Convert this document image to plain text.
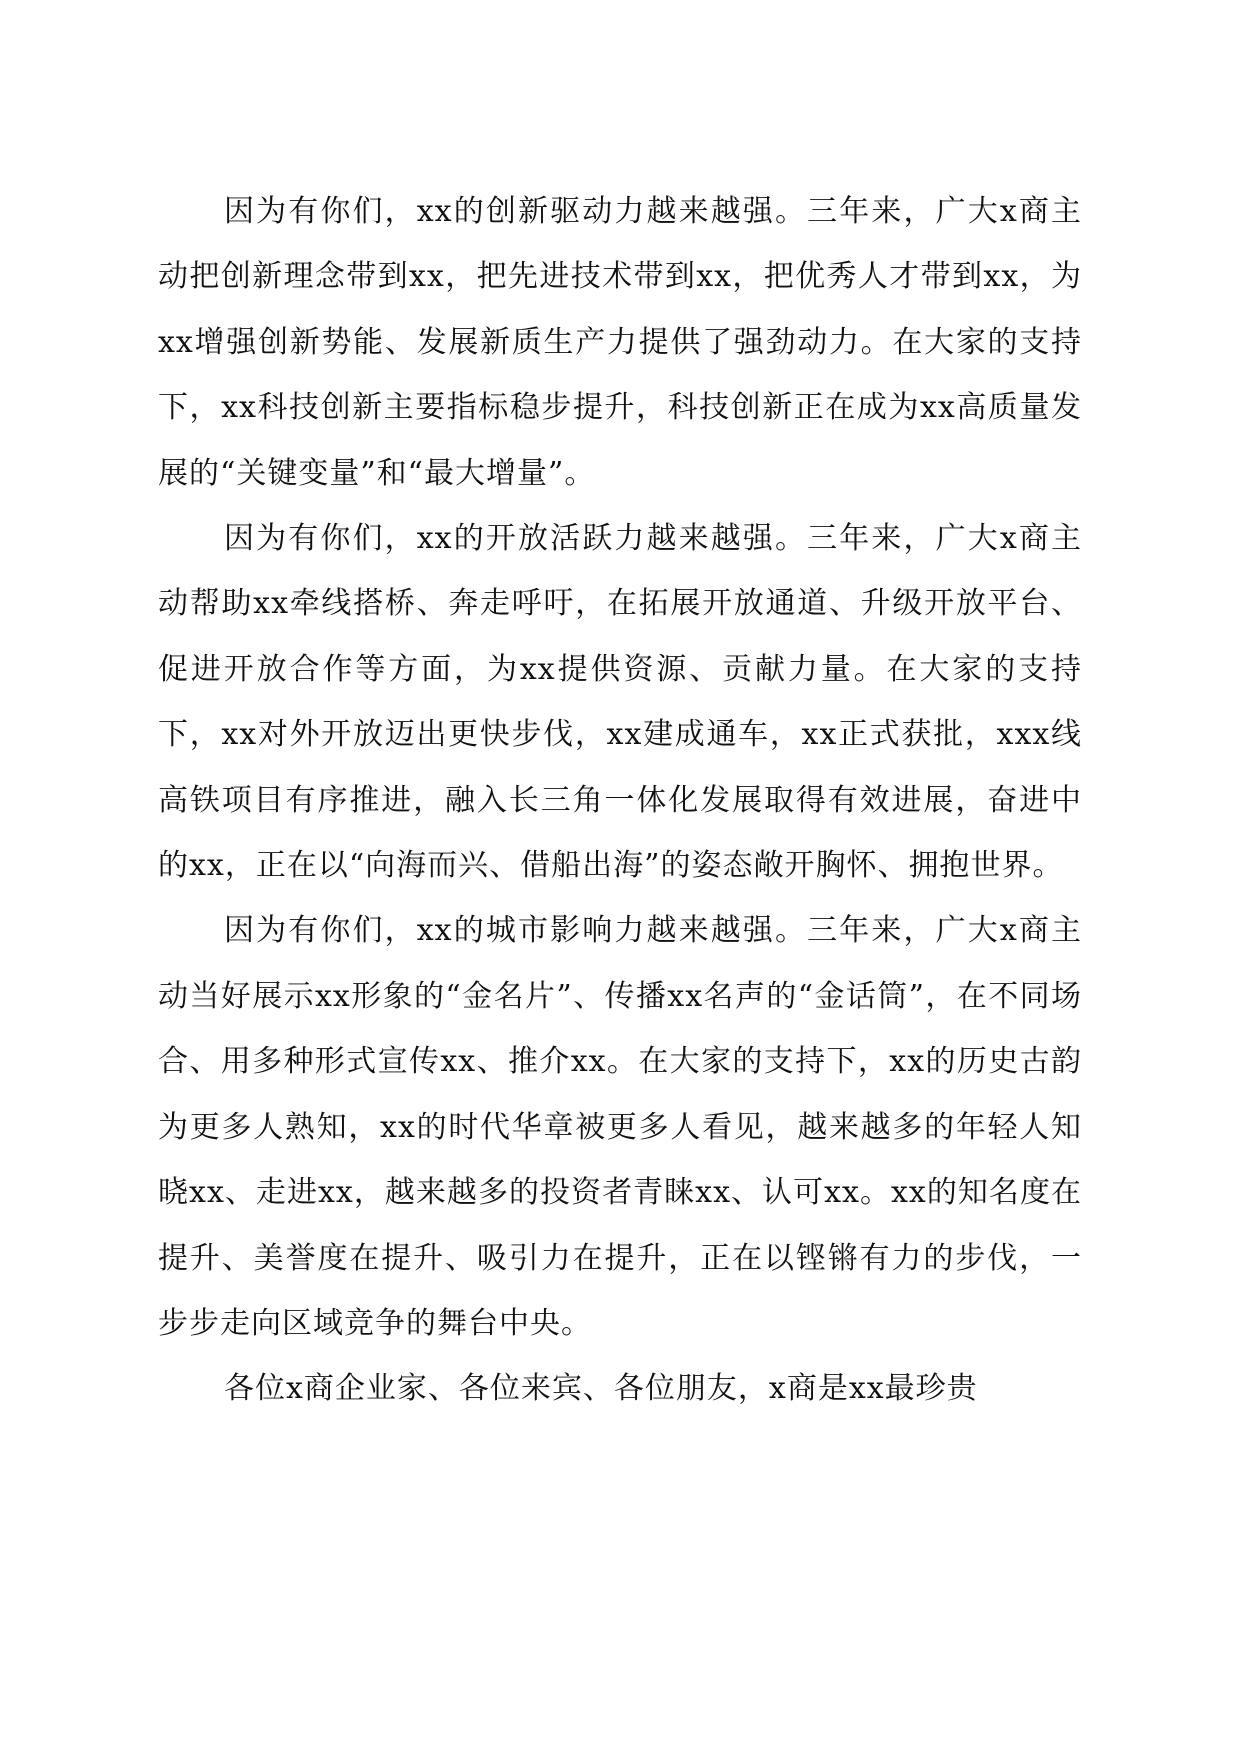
因为有你们，xx的创新驱动力越来越强。三年来，广大x商主动把创新理念带到xx，把先进技术带到xx，把优秀人才带到xx，为xx增强创新势能、发展新质生产力提供了强劲动力。在大家的支持下，xx科技创新主要指标稳步提升，科技创新正在成为xx高质量发展的“关键变量”和“最大增量”。

因为有你们，xx的开放活跃力越来越强。三年来，广大x商主动帮助xx牵线搭桥、奔走呼吁，在拓展开放通道、升级开放平台、促进开放合作等方面，为xx提供资源、贡献力量。在大家的支持下，xx对外开放迈出更快步伐，xx建成通车，xx正式获批，xxx线高铁项目有序推进，融入长三角一体化发展取得有效进展，奋进中的xx，正在以“向海而兴、借船出海”的姿态敞开胸怀、拥抱世界。

因为有你们，xx的城市影响力越来越强。三年来，广大x商主动当好展示xx形象的“金名片”、传播xx名声的“金话筒”，在不同场合、用多种形式宣传xx、推介xx。在大家的支持下，xx的历史古韵为更多人熟知，xx的时代华章被更多人看见，越来越多的年轻人知晓xx、走进xx，越来越多的投资者青睐xx、认可xx。xx的知名度在提升、美誉度在提升、吸引力在提升，正在以铿锵有力的步伐，一步步走向区域竞争的舞台中央。

各位x商企业家、各位来宾、各位朋友，x商是xx最珍贵
